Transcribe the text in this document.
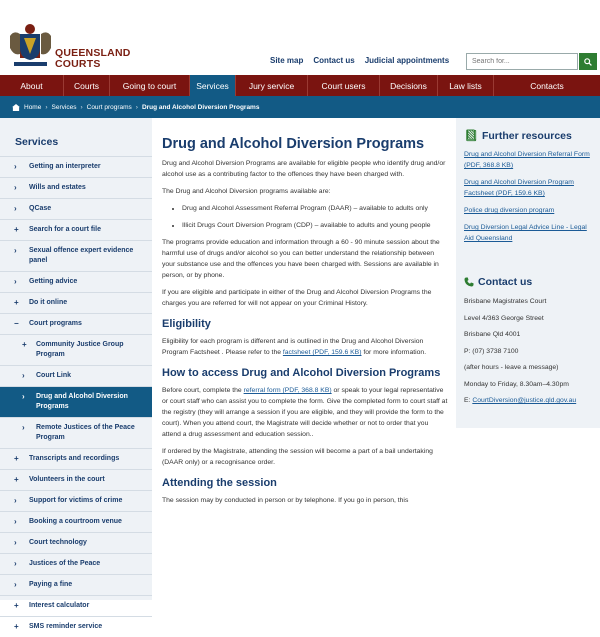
QUEENSLAND
COURTS	Site map Contact us Judicial appointments
Search for...
About	Courts	Going to court	Services	Jury service	Court users	Decisions	Law lists	Contacts
Home › Services › Court programs › Drug and Alcohol Diversion Programs
Services
› Getting an interpreter
› Wills and estates
› QCase
+ Search for a court file
› Sexual offence expert evidence panel
› Getting advice
+ Do it online
− Court programs
+ Community Justice Group Program
› Court Link
› Drug and Alcohol Diversion Programs
› Remote Justices of the Peace Program
+ Transcripts and recordings
+ Volunteers in the court
› Support for victims of crime
› Booking a courtroom venue
› Court technology
› Justices of the Peace
› Paying a fine
+ Interest calculator
+ SMS reminder service
Drug and Alcohol Diversion Programs

Drug and Alcohol Diversion Programs are available for eligible people who identify drug and/or alcohol use as a contributing factor to the offences they have been charged with.

The Drug and Alcohol Diversion programs available are:

• Drug and Alcohol Assessment Referral Program (DAAR) – available to adults only
• Illicit Drugs Court Diversion Program (CDP) – available to adults and young people

The programs provide education and information through a 60 - 90 minute session about the harmful use of drugs and/or alcohol so you can better understand the relationship between your substance use and the offences you have been charged with. Sessions are available in person, or by phone.

If you are eligible and participate in either of the Drug and Alcohol Diversion Programs the charges you are referred for will not appear on your Criminal History.

Eligibility

Eligibility for each program is different and is outlined in the Drug and Alcohol Diversion Program Factsheet . Please refer to the factsheet (PDF, 159.6 KB) for more information.

How to access Drug and Alcohol Diversion Programs

Before court, complete the referral form (PDF, 368.8 KB) or speak to your legal representative or court staff who can assist you to complete the form. Give the completed form to court staff at the registry (they will arrange a session if you are eligible, and they will provide the form to the court). When you attend court, the Magistrate will decide whether or not to order that you attend a drug assessment and education session..

If ordered by the Magistrate, attending the session will become a part of a bail undertaking (DAAR only) or a recognisance order.

Attending the session

The session may by conducted in person or by telephone. If you go in person, this

📗︎ Further resources
Drug and Alcohol Diversion Referral Form (PDF, 368.8 KB)
Drug and Alcohol Diversion Program Factsheet (PDF, 159.6 KB)
Police drug diversion program
Drug Diversion Legal Advice Line - Legal Aid Queensland
Contact us
Brisbane Magistrates Court
Level 4/363 George Street
Brisbane Qld 4001
P: (07) 3738 7100
(after hours - leave a message)
Monday to Friday, 8.30am–4.30pm
E: CourtDiversion@justice.qld.gov.au
